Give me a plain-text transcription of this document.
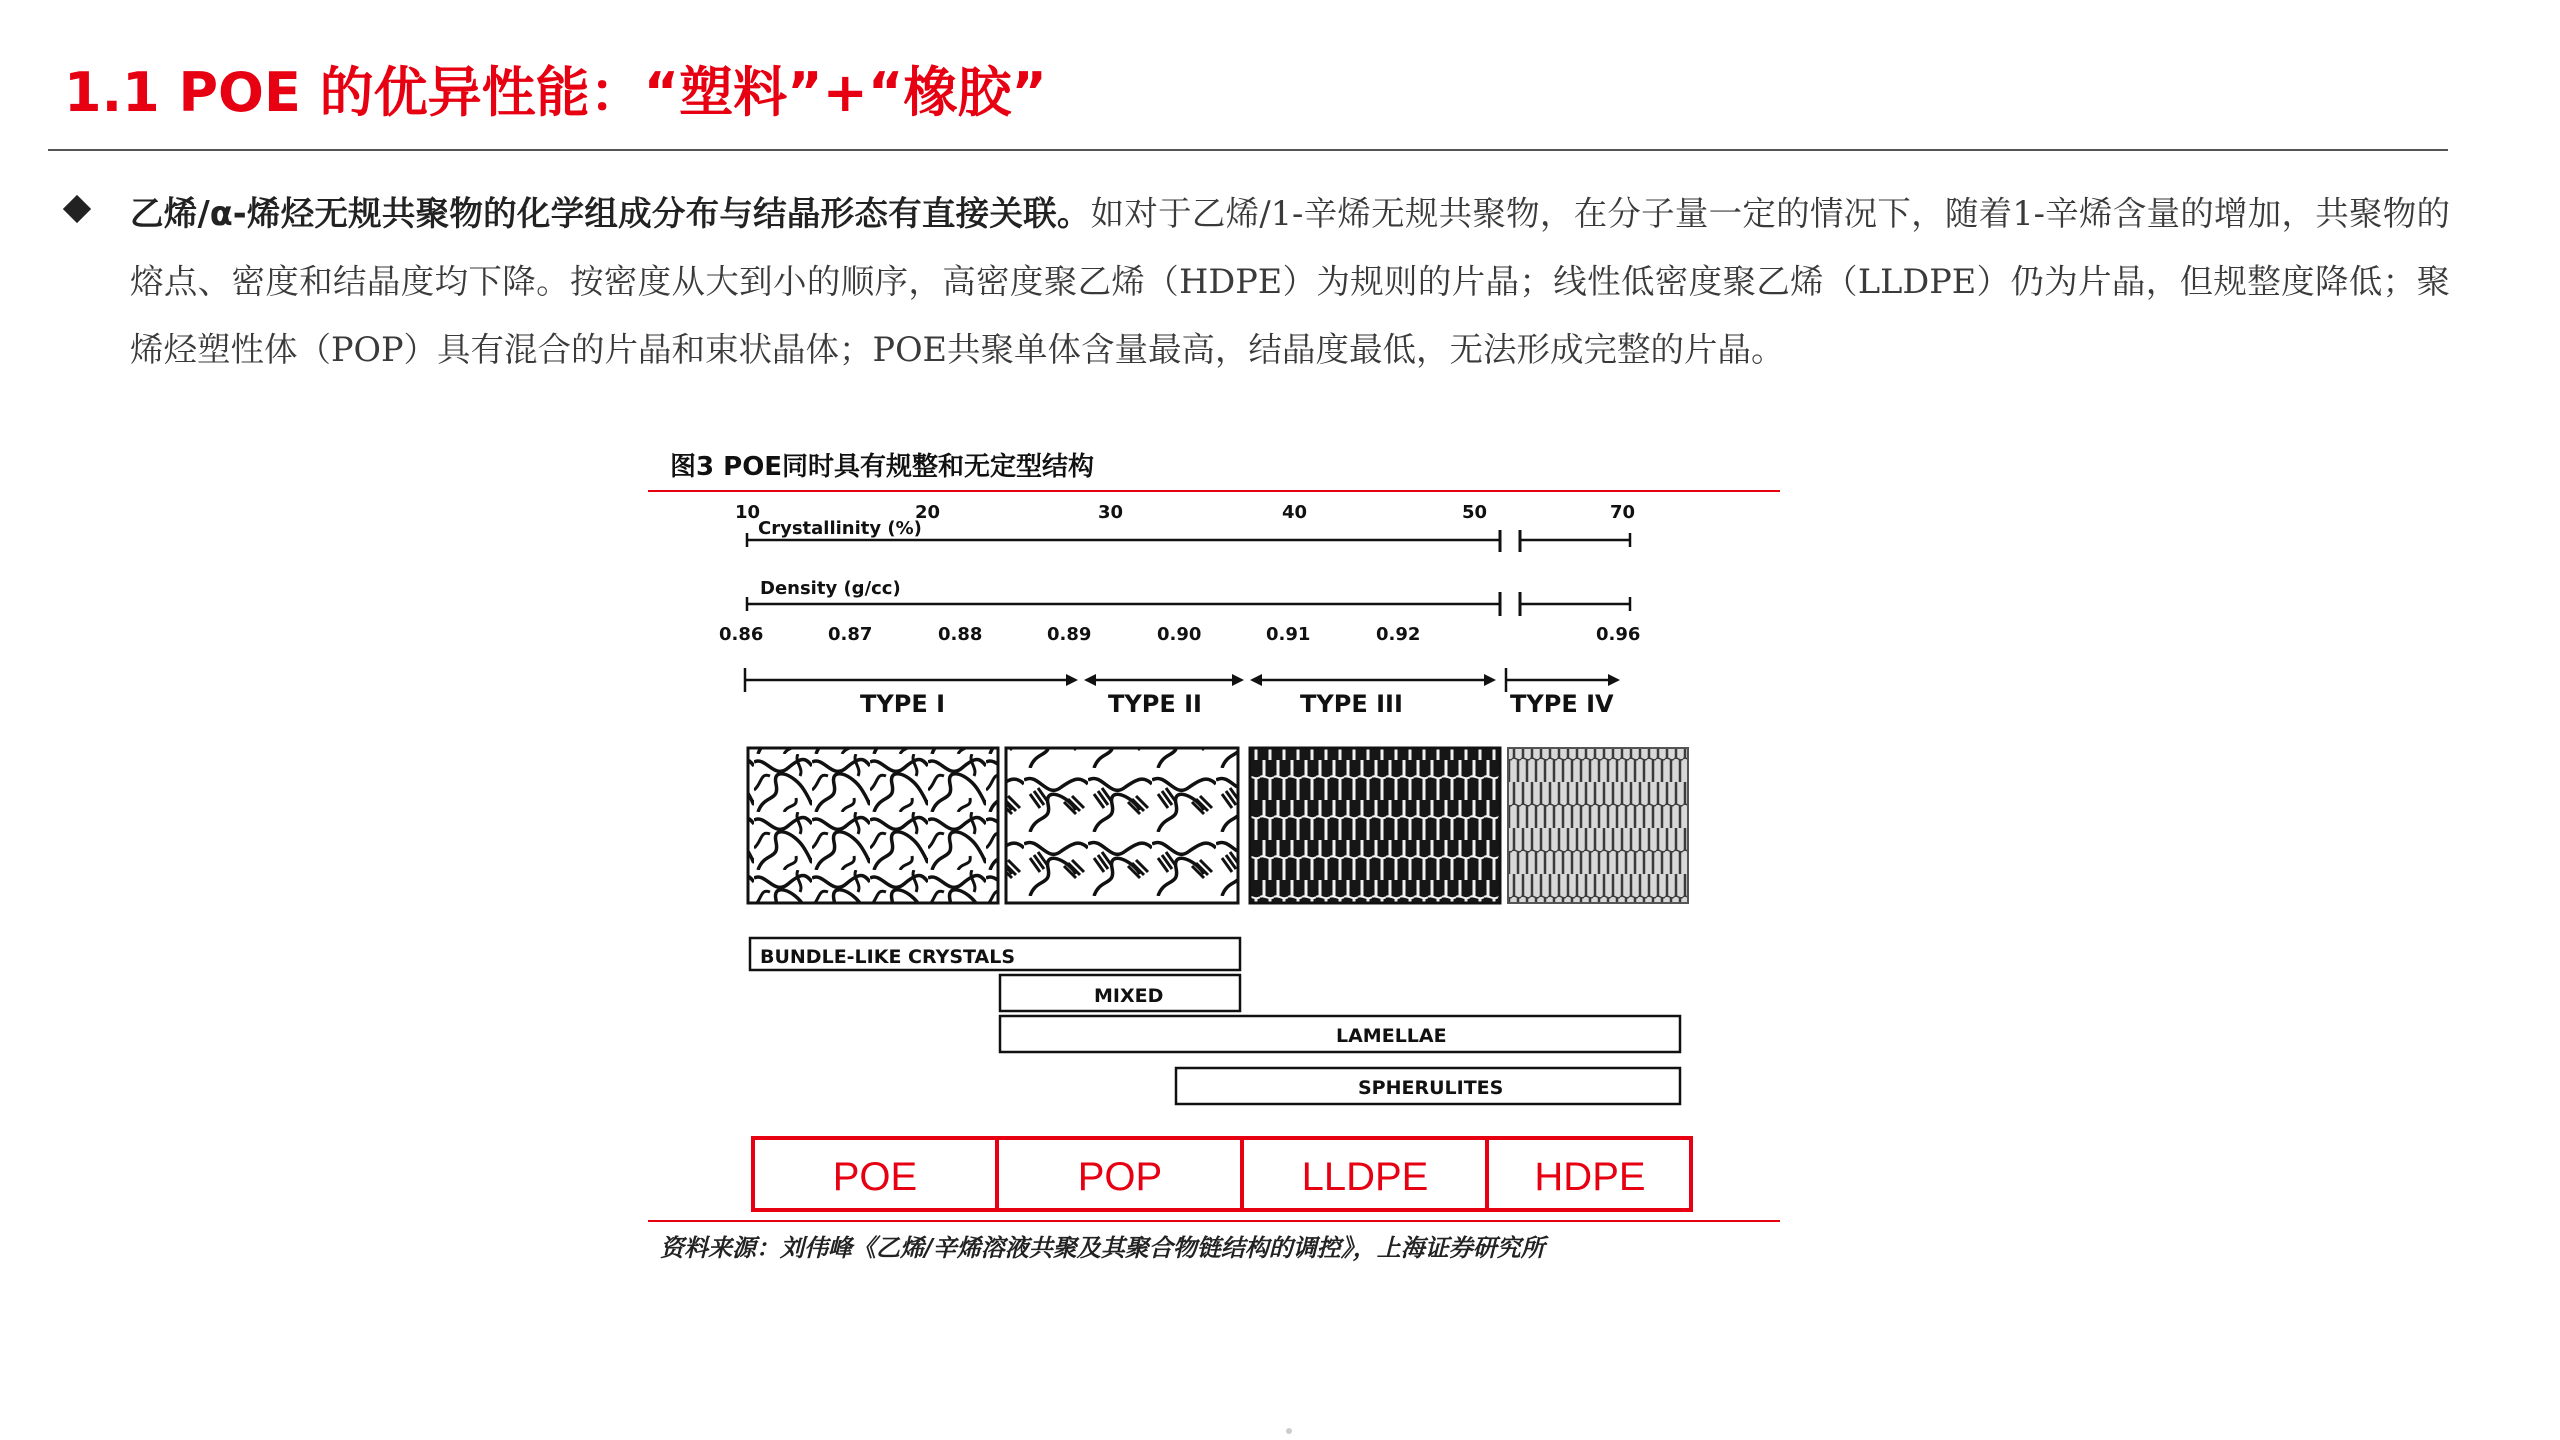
1.1 POE 的优异性能：“塑料”+“橡胶”

乙烯/α-烯烃无规共聚物的化学组成分布与结晶形态有直接关联。如对于乙烯/1-辛烯无规共聚物，在分子量一定的情况下，随着1-辛烯含量的增加，共聚物的熔点、密度和结晶度均下降。按密度从大到小的顺序，高密度聚乙烯（HDPE）为规则的片晶；线性低密度聚乙烯（LLDPE）仍为片晶，但规整度降低；聚烯烃塑性体（POP）具有混合的片晶和束状晶体；POE共聚单体含量最高，结晶度最低，无法形成完整的片晶。

图3 POE同时具有规整和无定型结构
Crystallinity (%)
10	20	30	40	50	70
Density (g/cc)
0.86	0.87	0.88	0.89	0.90	0.91	0.92	0.96
TYPE I	TYPE II	TYPE III	TYPE IV
BUNDLE-LIKE CRYSTALS
MIXED
LAMELLAE
SPHERULITES
POE	POP	LLDPE	HDPE
资料来源：刘伟峰《乙烯/辛烯溶液共聚及其聚合物链结构的调控》，上海证券研究所
